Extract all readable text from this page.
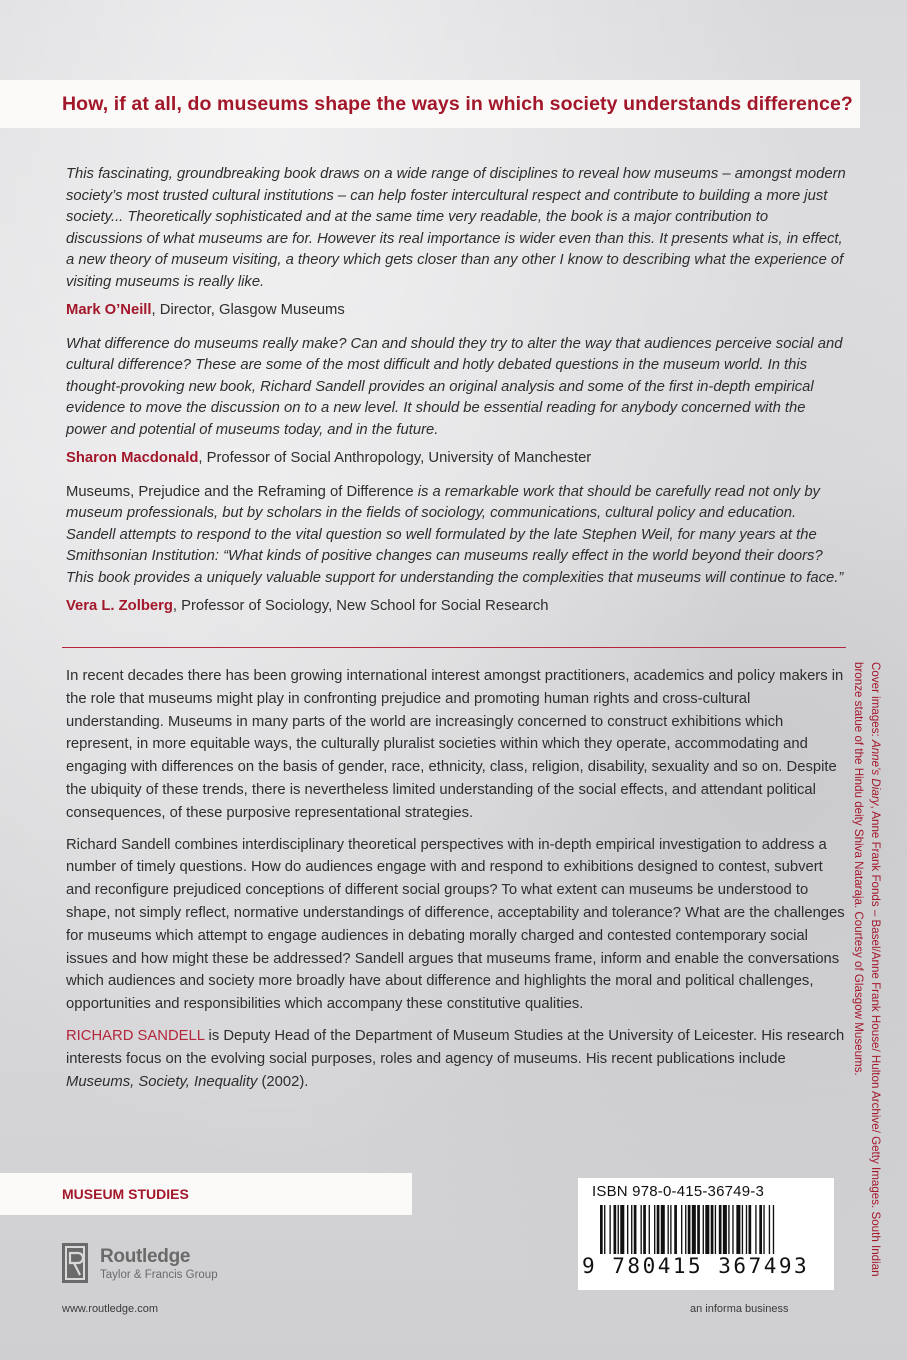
How, if at all, do museums shape the ways in which society understands difference?

This fascinating, groundbreaking book draws on a wide range of disciplines to reveal how museums – amongst modern society’s most trusted cultural institutions – can help foster intercultural respect and contribute to building a more just society... Theoretically sophisticated and at the same time very readable, the book is a major contribution to discussions of what museums are for. However its real importance is wider even than this. It presents what is, in effect, a new theory of museum visiting, a theory which gets closer than any other I know to describing what the experience of visiting museums is really like.

Mark O’Neill, Director, Glasgow Museums

What difference do museums really make? Can and should they try to alter the way that audiences perceive social and cultural difference? These are some of the most difficult and hotly debated questions in the museum world. In this thought-provoking new book, Richard Sandell provides an original analysis and some of the first in-depth empirical evidence to move the discussion on to a new level. It should be essential reading for anybody concerned with the power and potential of museums today, and in the future.

Sharon Macdonald, Professor of Social Anthropology, University of Manchester

Museums, Prejudice and the Reframing of Difference is a remarkable work that should be carefully read not only by museum professionals, but by scholars in the fields of sociology, communications, cultural policy and education. Sandell attempts to respond to the vital question so well formulated by the late Stephen Weil, for many years at the Smithsonian Institution: “What kinds of positive changes can museums really effect in the world beyond their doors? This book provides a uniquely valuable support for understanding the complexities that museums will continue to face.”

Vera L. Zolberg, Professor of Sociology, New School for Social Research

In recent decades there has been growing international interest amongst practitioners, academics and policy makers in the role that museums might play in confronting prejudice and promoting human rights and cross-cultural understanding. Museums in many parts of the world are increasingly concerned to construct exhibitions which represent, in more equitable ways, the culturally pluralist societies within which they operate, accommodating and engaging with differences on the basis of gender, race, ethnicity, class, religion, disability, sexuality and so on. Despite the ubiquity of these trends, there is nevertheless limited understanding of the social effects, and attendant political consequences, of these purposive representational strategies.

Richard Sandell combines interdisciplinary theoretical perspectives with in-depth empirical investigation to address a number of timely questions. How do audiences engage with and respond to exhibitions designed to contest, subvert and reconfigure prejudiced conceptions of different social groups? To what extent can museums be understood to shape, not simply reflect, normative understandings of difference, acceptability and tolerance? What are the challenges for museums which attempt to engage audiences in debating morally charged and contested contemporary social issues and how might these be addressed? Sandell argues that museums frame, inform and enable the conversations which audiences and society more broadly have about difference and highlights the moral and political challenges, opportunities and responsibilities which accompany these constitutive qualities.

RICHARD SANDELL is Deputy Head of the Department of Museum Studies at the University of Leicester. His research interests focus on the evolving social purposes, roles and agency of museums. His recent publications include Museums, Society, Inequality (2002).

Cover images: Anne’s Diary, Anne Frank Fonds – Basel/Anne Frank House/ Hulton Archive/ Getty Images. South Indian bronze statue of the Hindu deity Shiva Nataraja. Courtesy of Glasgow Museums.
MUSEUM STUDIES
Routledge
Taylor & Francis Group
www.routledge.com	an informa business
ISBN 978-0-415-36749-3
9 780415 367493
